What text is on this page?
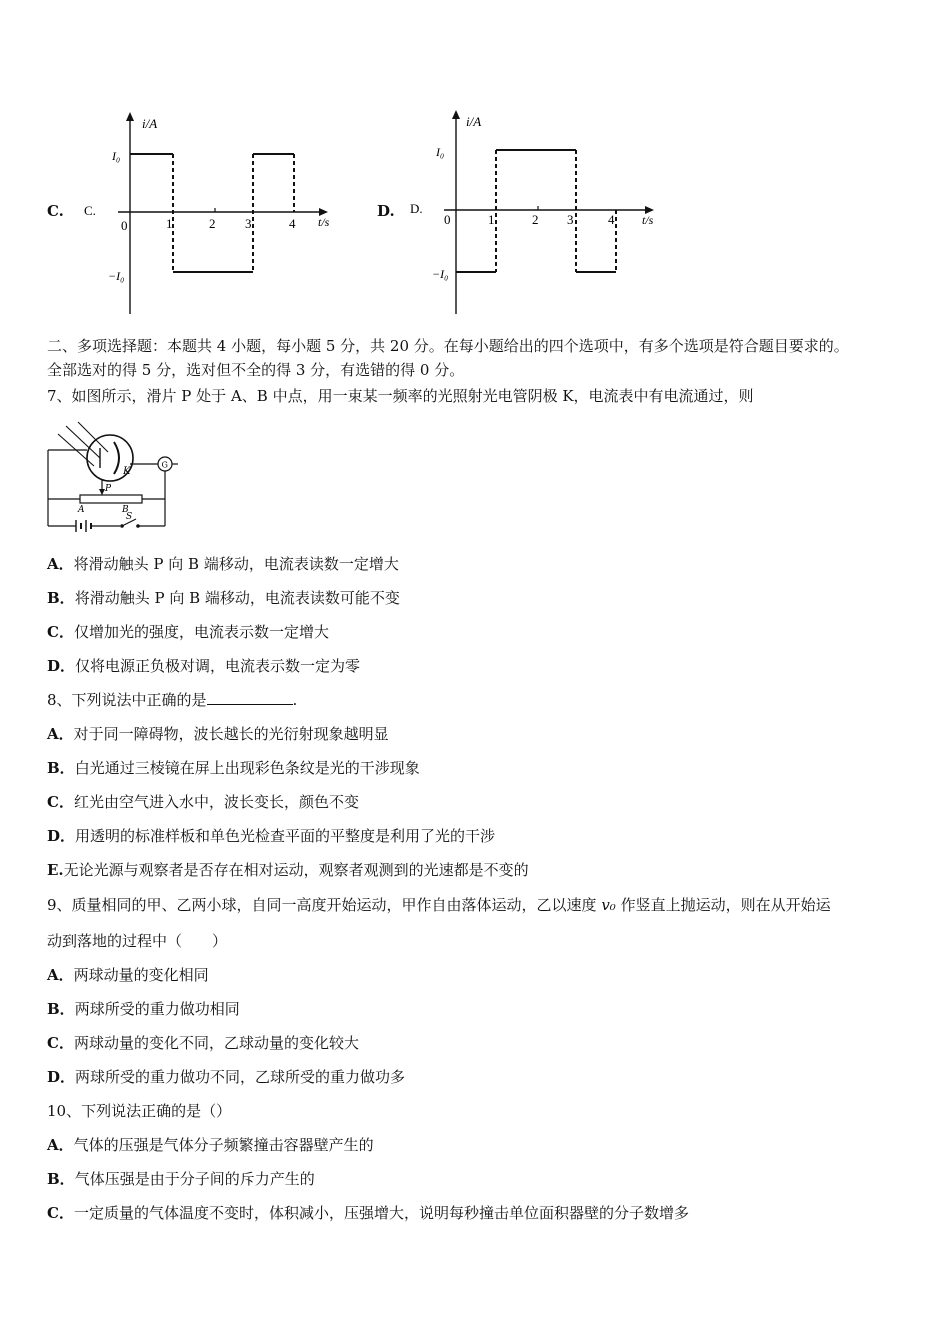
C. C.
i/A
t/s
0
I₀
−I₀
1	2 3	4
D. D.
i/A
t/s
0
I₀
−I₀
1	2 3	4
二、多项选择题：本题共 4 小题，每小题 5 分，共 20 分。在每小题给出的四个选项中，有多个选项是符合题目要求的。
全部选对的得 5 分，选对但不全的得 3 分，有选错的得 0 分。
7、如图所示，滑片 P 处于 A、B 中点，用一束某一频率的光照射光电管阴极 K，电流表中有电流通过，则
K
G
P
A	B
S
A．将滑动触头 P 向 B 端移动，电流表读数一定增大
B．将滑动触头 P 向 B 端移动，电流表读数可能不变
C．仅增加光的强度，电流表示数一定增大
D．仅将电源正负极对调，电流表示数一定为零
8、下列说法中正确的是	.
A．对于同一障碍物，波长越长的光衍射现象越明显
B．白光通过三棱镜在屏上出现彩色条纹是光的干涉现象
C．红光由空气进入水中，波长变长，颜色不变
D．用透明的标准样板和单色光检查平面的平整度是利用了光的干涉
E.无论光源与观察者是否存在相对运动，观察者观测到的光速都是不变的
9、质量相同的甲、乙两小球，自同一高度开始运动，甲作自由落体运动，乙以速度 v₀ 作竖直上抛运动，则在从开始运
动到落地的过程中（　　）
A．两球动量的变化相同
B．两球所受的重力做功相同
C．两球动量的变化不同，乙球动量的变化较大
D．两球所受的重力做功不同，乙球所受的重力做功多
10、下列说法正确的是（）
A．气体的压强是气体分子频繁撞击容器壁产生的
B．气体压强是由于分子间的斥力产生的
C．一定质量的气体温度不变时，体积减小，压强增大，说明每秒撞击单位面积器壁的分子数增多
